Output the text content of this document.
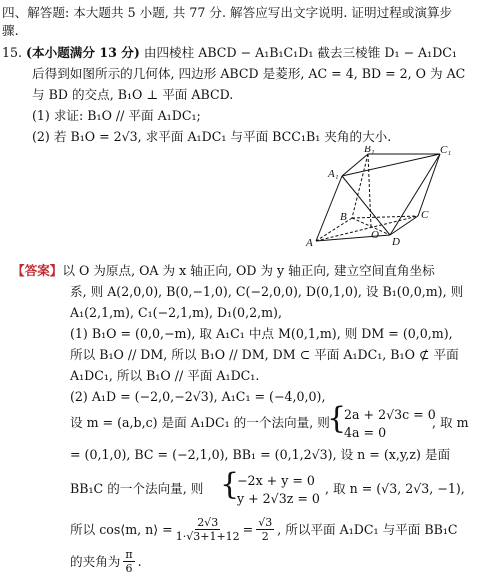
四、解答题: 本大题共 5 小题, 共 77 分. 解答应写出文字说明. 证明过程或演算步
骤.
15. (本小题满分 13 分) 由四棱柱 ABCD − A₁B₁C₁D₁ 截去三棱锥 D₁ − A₁DC₁
后得到如图所示的几何体, 四边形 ABCD 是菱形, AC = 4, BD = 2, O 为 AC
与 BD 的交点, B₁O ⊥ 平面 ABCD.
(1) 求证: B₁O // 平面 A₁DC₁;
(2) 若 B₁O = 2√3, 求平面 A₁DC₁ 与平面 BCC₁B₁ 夹角的大小.
B₁	C₁
A₁
B	C
A
O
D
【答案】以 O 为原点, OA 为 x 轴正向, OD 为 y 轴正向, 建立空间直角坐标
系, 则 A(2,0,0), B(0,−1,0), C(−2,0,0), D(0,1,0), 设 B₁(0,0,m), 则
A₁(2,1,m), C₁(−2,1,m), D₁(0,2,m),
(1) B₁O = (0,0,−m), 取 A₁C₁ 中点 M(0,1,m), 则 DM = (0,0,m),
所以 B₁O // DM, 所以 B₁O // DM, DM ⊂ 平面 A₁DC₁, B₁O ⊄ 平面
A₁DC₁, 所以 B₁O // 平面 A₁DC₁.
(2) A₁D = (−2,0,−2√3), A₁C₁ = (−4,0,0),
设 m = (a,b,c) 是面 A₁DC₁ 的一个法向量, 则
{
2a + 2√3c = 0
4a = 0
, 取 m
= (0,1,0), BC = (−2,1,0), BB₁ = (0,1,2√3), 设 n = (x,y,z) 是面
BB₁C 的一个法向量, 则 {
−2x + y = 0
y + 2√3z = 0
, 取 n = (√3, 2√3, −1),
所以 cos⟨m, n⟩ = $\frac{2√3}{1\cdot√3+1+12} = \frac{√3}{2}$ , 所以平面 A₁DC₁ 与平面 BB₁C
的夹角为 $\frac{\pi}{6}$ .
